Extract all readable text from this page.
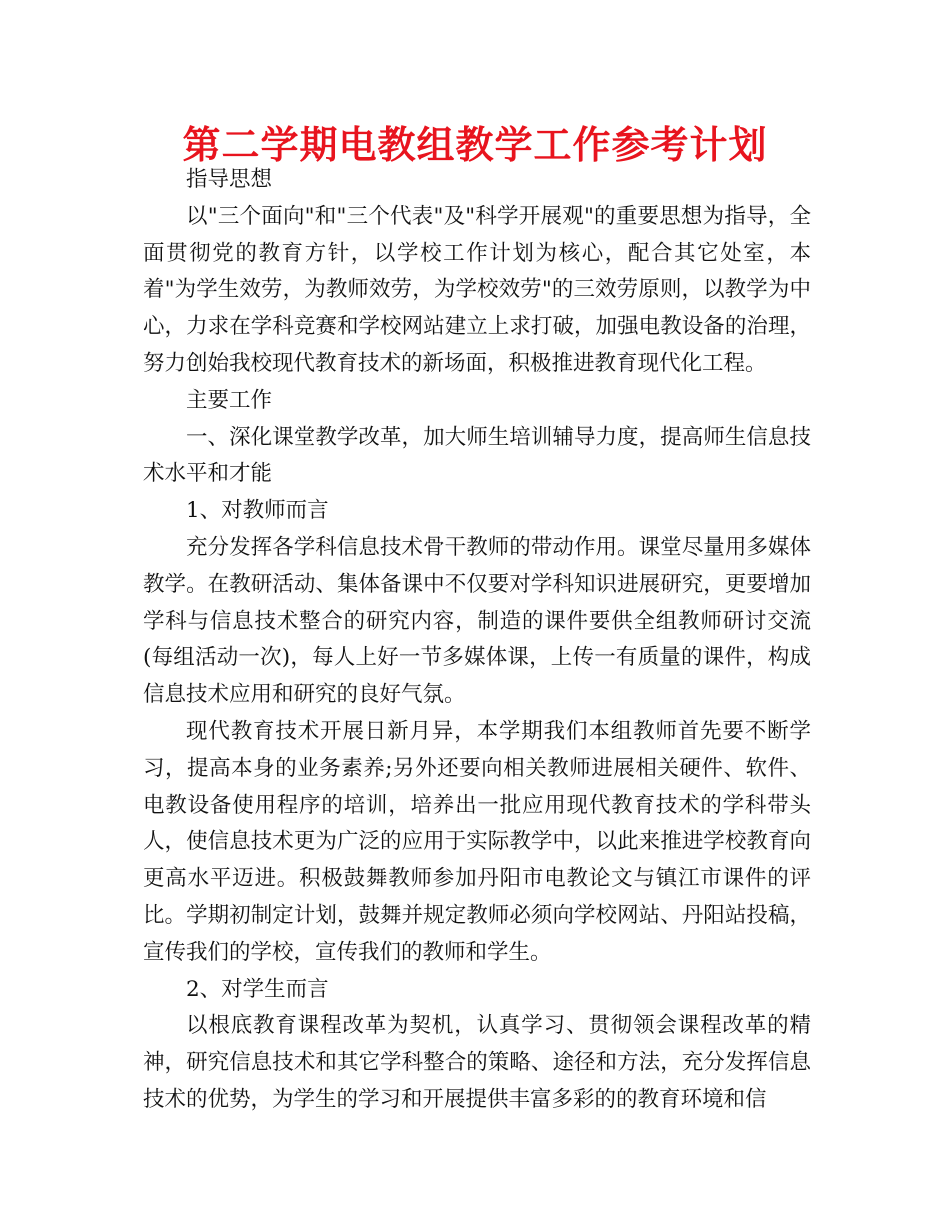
第二学期电教组教学工作参考计划

指导思想

以"三个面向"和"三个代表"及"科学开展观"的重要思想为指导，全面贯彻党的教育方针，以学校工作计划为核心，配合其它处室，本着"为学生效劳，为教师效劳，为学校效劳"的三效劳原则，以教学为中心，力求在学科竞赛和学校网站建立上求打破，加强电教设备的治理，努力创始我校现代教育技术的新场面，积极推进教育现代化工程。

主要工作

一、深化课堂教学改革，加大师生培训辅导力度，提高师生信息技术水平和才能

1、对教师而言

充分发挥各学科信息技术骨干教师的带动作用。课堂尽量用多媒体教学。在教研活动、集体备课中不仅要对学科知识进展研究，更要增加学科与信息技术整合的研究内容，制造的课件要供全组教师研讨交流(每组活动一次)，每人上好一节多媒体课，上传一有质量的课件，构成信息技术应用和研究的良好气氛。

现代教育技术开展日新月异，本学期我们本组教师首先要不断学习，提高本身的业务素养;另外还要向相关教师进展相关硬件、软件、电教设备使用程序的培训，培养出一批应用现代教育技术的学科带头人，使信息技术更为广泛的应用于实际教学中，以此来推进学校教育向更高水平迈进。积极鼓舞教师参加丹阳市电教论文与镇江市课件的评比。学期初制定计划，鼓舞并规定教师必须向学校网站、丹阳站投稿，宣传我们的学校，宣传我们的教师和学生。

2、对学生而言

以根底教育课程改革为契机，认真学习、贯彻领会课程改革的精神，研究信息技术和其它学科整合的策略、途径和方法，充分发挥信息技术的优势，为学生的学习和开展提供丰富多彩的的教育环境和信
